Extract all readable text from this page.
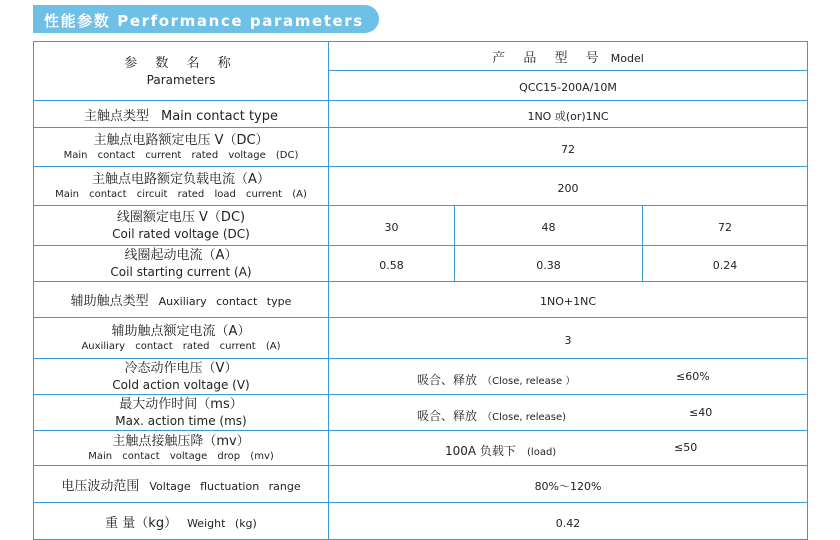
性能参数 Performance parameters
参 数 名 称
Parameters	产 品 型 号 Model		
	QCC15-200A/10M		
主触点类型 Main contact type	1NO 或(or)1NC		

主触点电路额定电压 V（DC）
Main contact current rated voltage (DC)	72		

主触点电路额定负载电流（A）
Main contact circuit rated load current (A)	200		

线圈额定电压 V（DC)
Coil rated voltage (DC)	30	48	72

线圈起动电流（A）
Coil starting current (A)	0.58	0.38	0.24
辅助触点类型 Auxiliary contact type	1NO+1NC		

辅助触点额定电流（A）
Auxiliary contact rated current (A)	3		

冷态动作电压（V）
Cold action voltage (V)	吸合、释放 （Close, release ） ≤60%		

最大动作时间（ms）
Max. action time (ms)	吸合、释放 （Close, release) ≤40		

主触点接触压降（mv）
Main contact voltage drop (mv)	100A 负载下 (load) ≤50		

电压波动范围 Voltage fluctuation range	80%～120%		
重 量（kg） Weight (kg)	0.42		
